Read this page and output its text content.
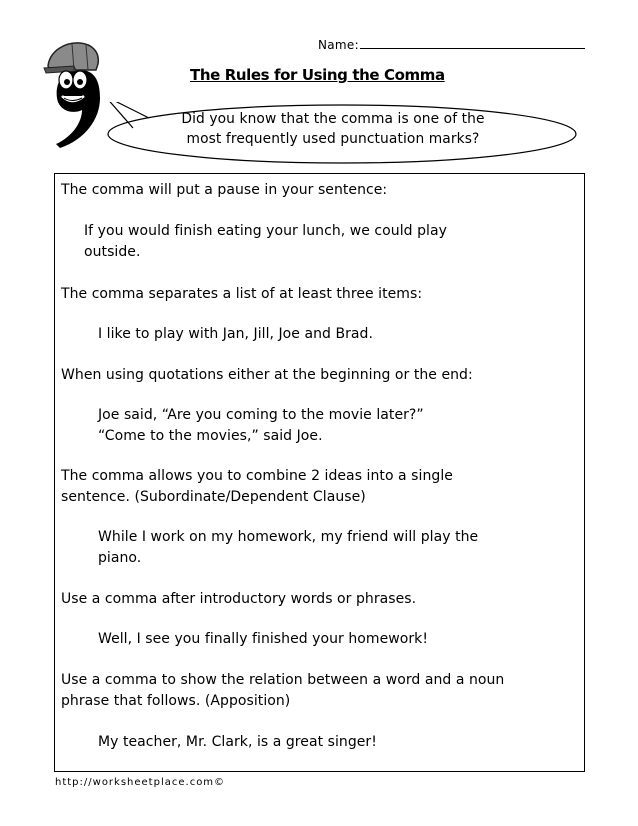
Name:
The Rules for Using the Comma
Did you know that the comma is one of the
most frequently used punctuation marks?
The comma will put a pause in your sentence:
If you would finish eating your lunch, we could play
outside.
The comma separates a list of at least three items:
I like to play with Jan, Jill, Joe and Brad.
When using quotations either at the beginning or the end:
Joe said, “Are you coming to the movie later?”
“Come to the movies,” said Joe.
The comma allows you to combine 2 ideas into a single
sentence. (Subordinate/Dependent Clause)
While I work on my homework, my friend will play the
piano.
Use a comma after introductory words or phrases.
Well, I see you finally finished your homework!
Use a comma to show the relation between a word and a noun
phrase that follows. (Apposition)
My teacher, Mr. Clark, is a great singer!
http://worksheetplace.com©
